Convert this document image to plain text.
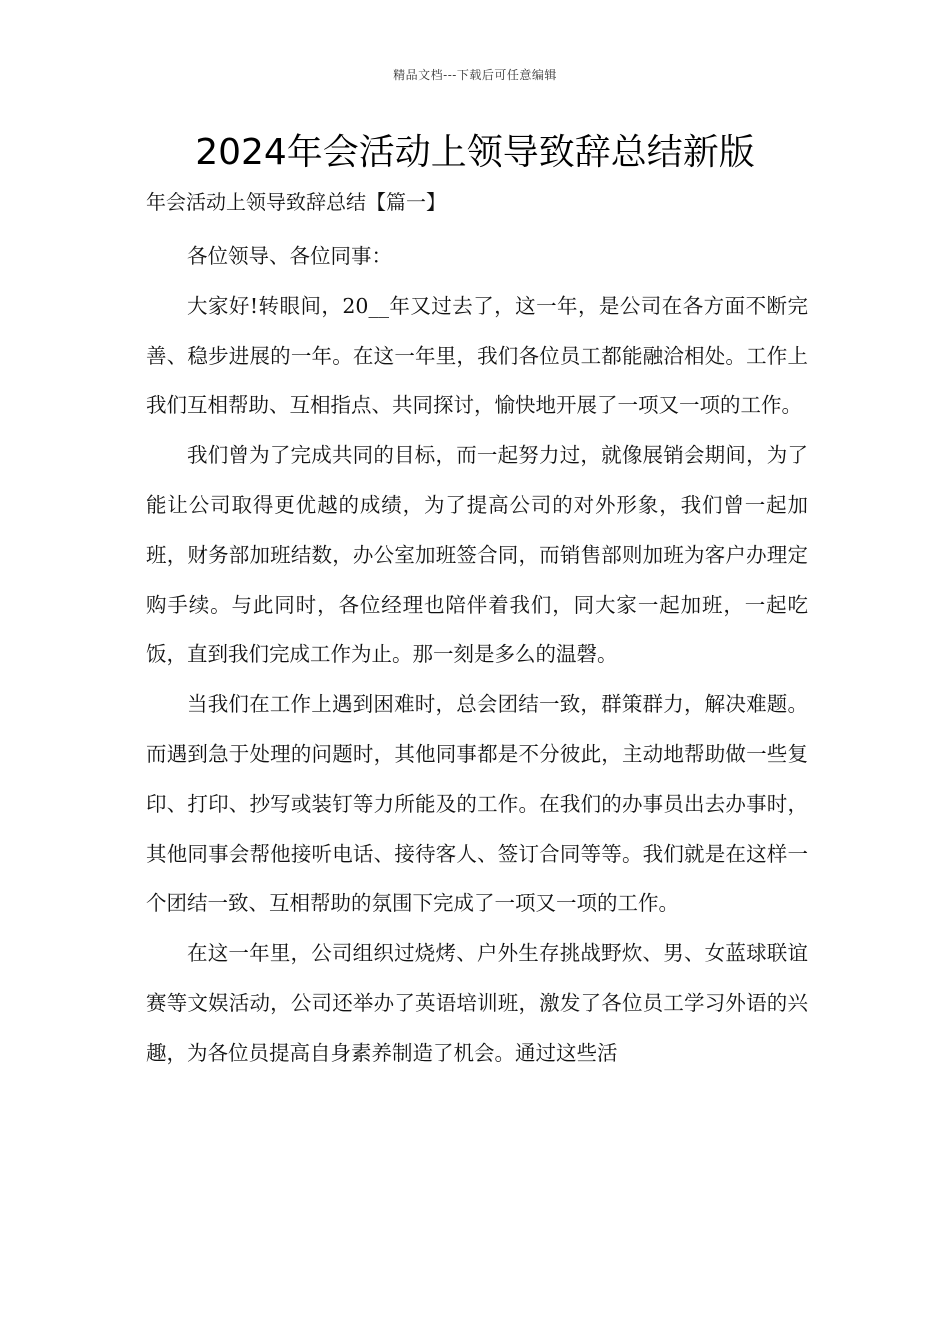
精品文档---下载后可任意编辑
2024年会活动上领导致辞总结新版
年会活动上领导致辞总结【篇一】

各位领导、各位同事：

大家好!转眼间，20__年又过去了，这一年，是公司在各方面不断完善、稳步进展的一年。在这一年里，我们各位员工都能融洽相处。工作上我们互相帮助、互相指点、共同探讨，愉快地开展了一项又一项的工作。

我们曾为了完成共同的目标，而一起努力过，就像展销会期间，为了能让公司取得更优越的成绩，为了提高公司的对外形象，我们曾一起加班，财务部加班结数，办公室加班签合同，而销售部则加班为客户办理定购手续。与此同时，各位经理也陪伴着我们，同大家一起加班，一起吃饭，直到我们完成工作为止。那一刻是多么的温磬。

当我们在工作上遇到困难时，总会团结一致，群策群力，解决难题。而遇到急于处理的问题时，其他同事都是不分彼此，主动地帮助做一些复印、打印、抄写或装钉等力所能及的工作。在我们的办事员出去办事时，其他同事会帮他接听电话、接待客人、签订合同等等。我们就是在这样一个团结一致、互相帮助的氛围下完成了一项又一项的工作。

在这一年里，公司组织过烧烤、户外生存挑战野炊、男、女蓝球联谊赛等文娱活动，公司还举办了英语培训班，激发了各位员工学习外语的兴趣，为各位员提高自身素养制造了机会。通过这些活
